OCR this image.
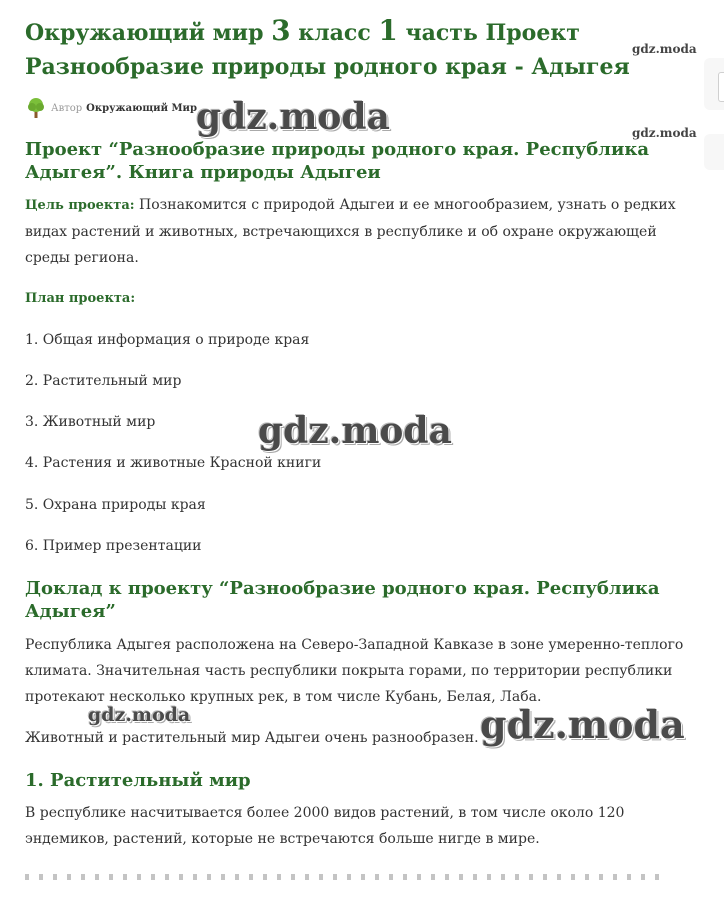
Окружающий мир 3 класс 1 часть Проект Разнообразие природы родного края - Адыгея
Автор Окружающий Мир
Проект “Разнообразие природы родного края. Республика Адыгея”. Книга природы Адыгеи

Цель проекта: Познакомится с природой Адыгеи и ее многообразием, узнать о редких видах растений и животных, встречающихся в республике и об охране окружающей среды региона.

План проекта:

1. Общая информация о природе края

2. Растительный мир

3. Животный мир

4. Растения и животные Красной книги

5. Охрана природы края

6. Пример презентации

Доклад к проекту “Разнообразие родного края. Республика Адыгея”

Республика Адыгея расположена на Северо-Западной Кавказе в зоне умеренно-теплого климата. Значительная часть республики покрыта горами, по территории республики протекают несколько крупных рек, в том числе Кубань, Белая, Лаба.

Животный и растительный мир Адыгеи очень разнообразен.

1. Растительный мир

В республике насчитывается более 2000 видов растений, в том числе около 120 эндемиков, растений, которые не встречаются больше нигде в мире.

gdz.moda
gdz.moda
gdz.moda
gdz.moda
gdz.moda	gdz.moda
